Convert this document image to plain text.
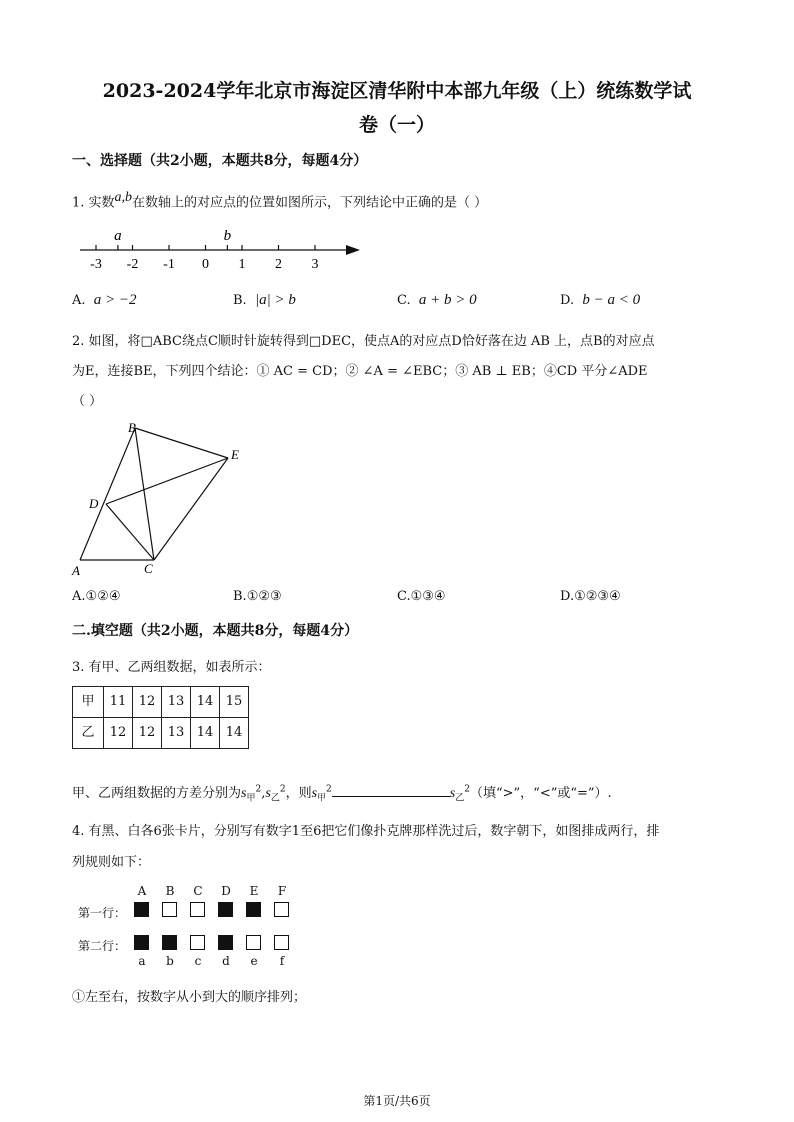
2023-2024学年北京市海淀区清华附中本部九年级（上）统练数学试
卷（一）
一、选择题（共2小题，本题共8分，每题4分）
1. 实数$^{a,b}$在数轴上的对应点的位置如图所示，下列结论中正确的是（ ）
-3 -2 -1 0 1 2 3
a	b
A. a > −2	B. |a| > b	C. a + b > 0	D. b − a < 0
2. 如图，将□ABC绕点C顺时针旋转得到□DEC，使点A的对应点D恰好落在边 AB 上，点B的对应点
为E，连接BE，下列四个结论：① AC = CD；② ∠A = ∠EBC；③ AB ⊥ EB；④CD 平分∠ADE
（ ）
B
E
D
A	C
A.①②④	B.①②③	C.①③④	D.①②③④
二.填空题（共2小题，本题共8分，每题4分）
3. 有甲、乙两组数据，如表所示：
甲	11	12	13	14	15
乙	12	12	13	14	14
甲、乙两组数据的方差分别为$s_甲^2,s_乙^2$，则$s_甲^2$	$s_乙^2$（填“>”，“<”或“=”）.
4. 有黑、白各6张卡片，分别写有数字1至6把它们像扑克牌那样洗过后，数字朝下，如图排成两行，排
列规则如下：
A	B C D	E	F
第一行：
第二行：
a	b	c	d	e	f
①左至右，按数字从小到大的顺序排列；
第1页/共6页
